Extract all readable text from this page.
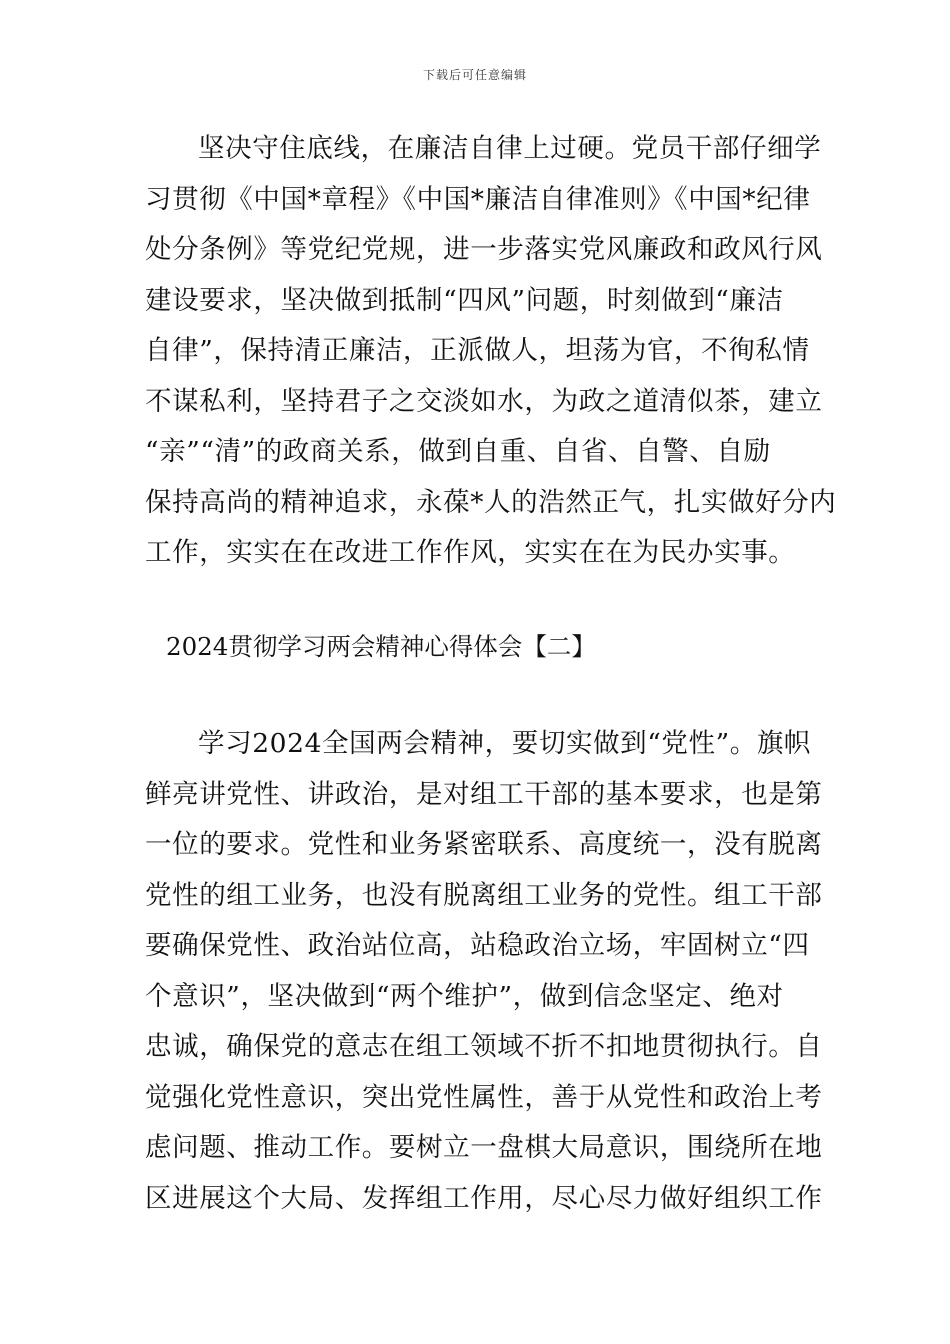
下载后可任意编辑
坚决守住底线，在廉洁自律上过硬。党员干部仔细学
习贯彻《中国*章程》《中国*廉洁自律准则》《中国*纪律
处分条例》等党纪党规，进一步落实党风廉政和政风行风
建设要求，坚决做到抵制“四风”问题，时刻做到“廉洁
自律”，保持清正廉洁，正派做人，坦荡为官，不徇私情
不谋私利，坚持君子之交淡如水，为政之道清似茶，建立
“亲”“清”的政商关系，做到自重、自省、自警、自励
保持高尚的精神追求，永葆*人的浩然正气，扎实做好分内
工作，实实在在改进工作作风，实实在在为民办实事。
2024贯彻学习两会精神心得体会【二】
学习2024全国两会精神，要切实做到“党性”。旗帜
鲜亮讲党性、讲政治，是对组工干部的基本要求，也是第
一位的要求。党性和业务紧密联系、高度统一，没有脱离
党性的组工业务，也没有脱离组工业务的党性。组工干部
要确保党性、政治站位高，站稳政治立场，牢固树立“四
个意识”，坚决做到“两个维护”，做到信念坚定、绝对
忠诚，确保党的意志在组工领域不折不扣地贯彻执行。自
觉强化党性意识，突出党性属性，善于从党性和政治上考
虑问题、推动工作。要树立一盘棋大局意识，围绕所在地
区进展这个大局、发挥组工作用，尽心尽力做好组织工作
